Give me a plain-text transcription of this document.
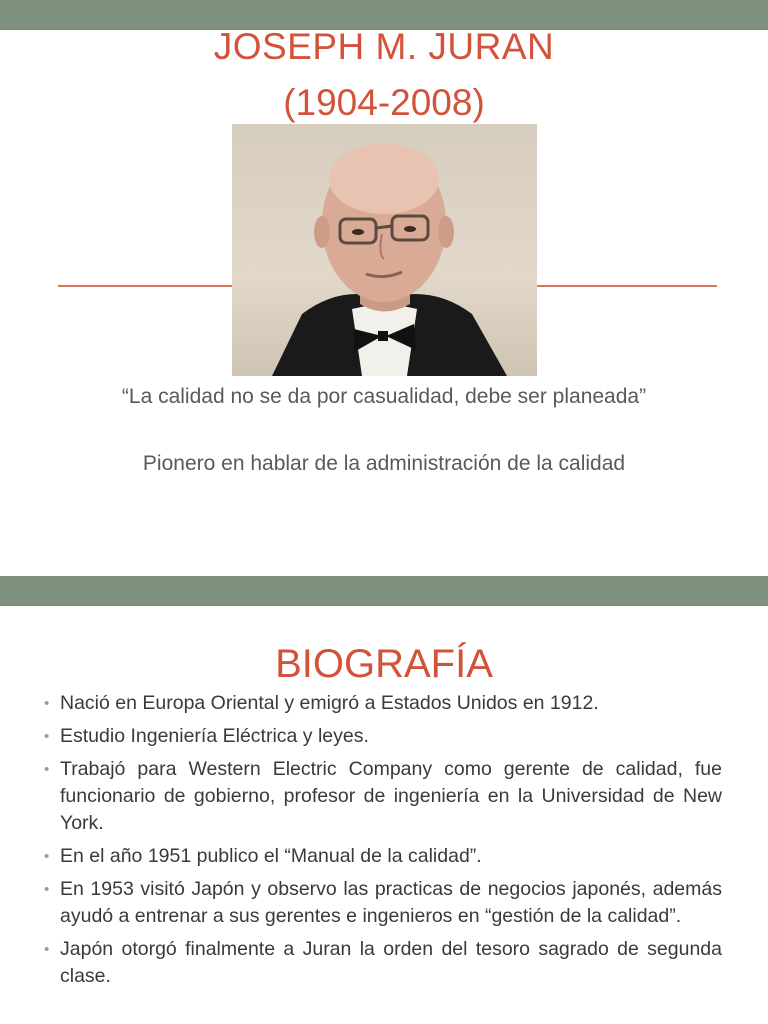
JOSEPH M. JURAN
(1904-2008)
“La calidad no se da por casualidad, debe ser planeada”
Pionero en hablar de la administración de la calidad
BIOGRAFÍA
• Nació en Europa Oriental y emigró a Estados Unidos en 1912.
• Estudio Ingeniería Eléctrica y leyes.
• Trabajó para Western Electric Company como gerente de calidad, fue funcionario de gobierno, profesor de ingeniería en la Universidad de New York.
• En el año 1951 publico el “Manual de la calidad”.
• En 1953 visitó Japón y observo las practicas de negocios japonés, además ayudó a entrenar a sus gerentes e ingenieros en “gestión de la calidad”.
• Japón otorgó finalmente a Juran la orden del tesoro sagrado de segunda clase.
